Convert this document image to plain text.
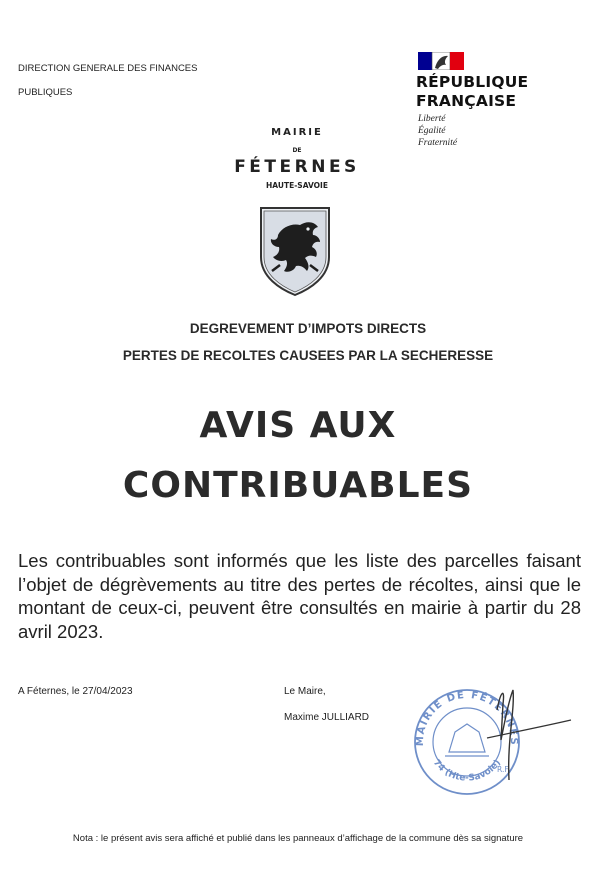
DIRECTION GENERALE DES FINANCES
PUBLIQUES
RÉPUBLIQUE
FRANÇAISE
Liberté
Égalité
Fraternité
MAIRIE
DE
FÉTERNES
HAUTE-SAVOIE
DEGREVEMENT D’IMPOTS DIRECTS
PERTES DE RECOLTES CAUSEES PAR LA SECHERESSE
AVIS AUX
CONTRIBUABLES
Les contribuables sont informés que les liste des parcelles faisant l’objet de dégrèvements au titre des pertes de récoltes, ainsi que le montant de ceux-ci, peuvent être consultés en mairie à partir du 28 avril 2023.
A Féternes, le 27/04/2023	Le Maire,
Maxime JULLIARD
MAIRIE DE FÉTERNES
74 (Hte-Savoie)
R.F.
Nota : le présent avis sera affiché et publié dans les panneaux d’affichage de la commune dès sa signature
